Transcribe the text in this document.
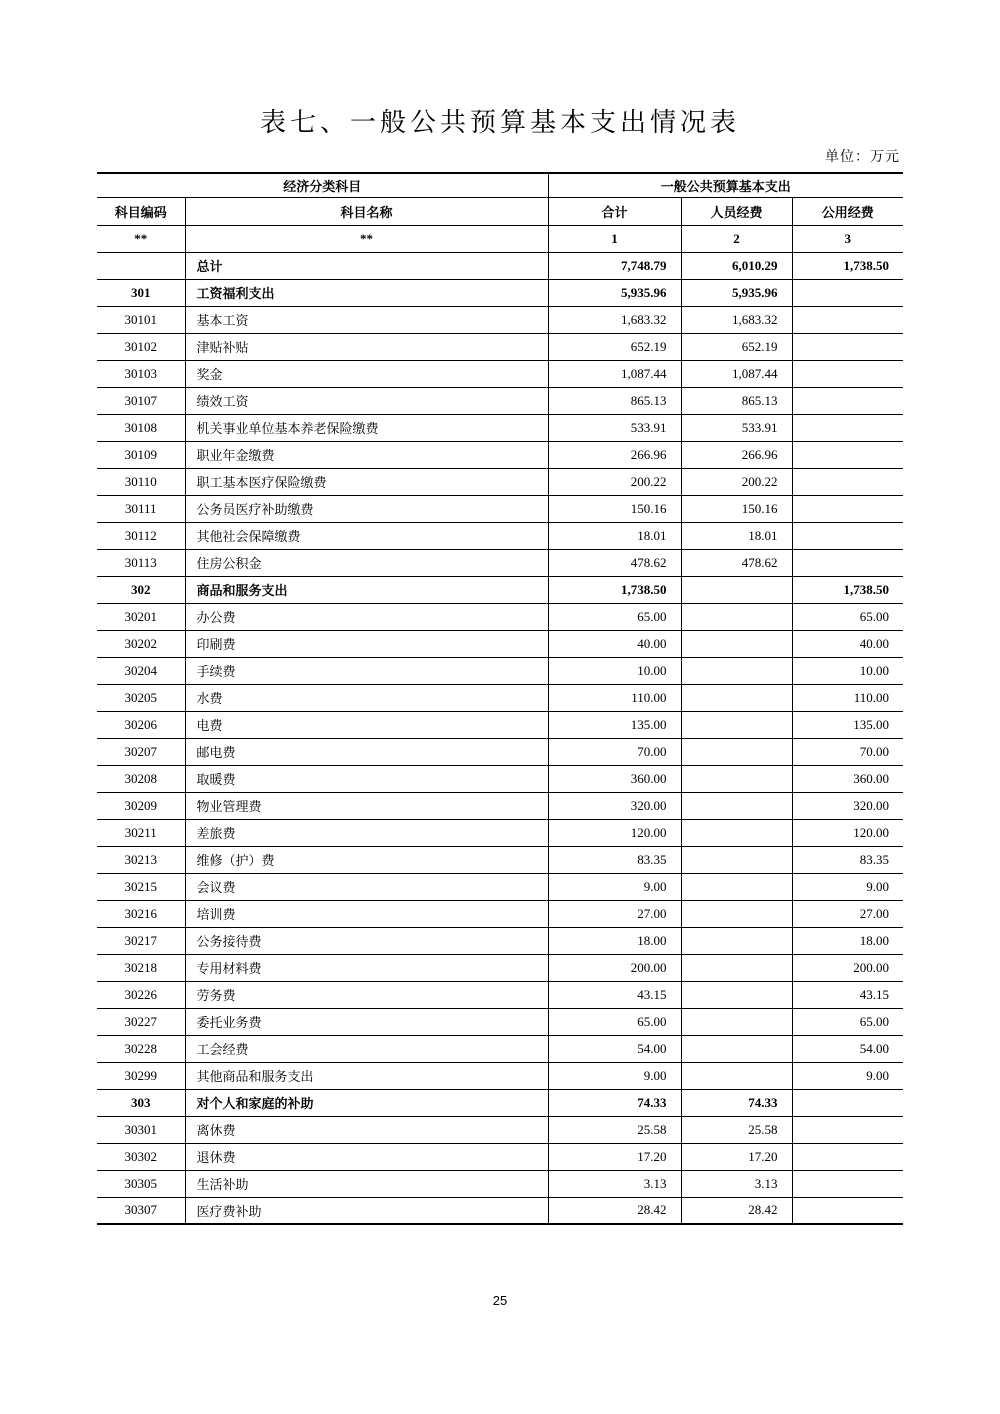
表七、一般公共预算基本支出情况表
单位：万元
经济分类科目		一般公共预算基本支出		
科目编码	科目名称	合计	人员经费	公用经费
**	**	1	2	3
	总计	7,748.79	6,010.29	1,738.50
301	工资福利支出	5,935.96	5,935.96	
30101	基本工资	1,683.32	1,683.32	
30102	津贴补贴	652.19	652.19	
30103	奖金	1,087.44	1,087.44	
30107	绩效工资	865.13	865.13	
30108	机关事业单位基本养老保险缴费	533.91	533.91	
30109	职业年金缴费	266.96	266.96	
30110	职工基本医疗保险缴费	200.22	200.22	
30111	公务员医疗补助缴费	150.16	150.16	
30112	其他社会保障缴费	18.01	18.01	
30113	住房公积金	478.62	478.62	
302	商品和服务支出	1,738.50		1,738.50
30201	办公费	65.00		65.00
30202	印刷费	40.00		40.00
30204	手续费	10.00		10.00
30205	水费	110.00		110.00
30206	电费	135.00		135.00
30207	邮电费	70.00		70.00
30208	取暖费	360.00		360.00
30209	物业管理费	320.00		320.00
30211	差旅费	120.00		120.00
30213	维修（护）费	83.35		83.35
30215	会议费	9.00		9.00
30216	培训费	27.00		27.00
30217	公务接待费	18.00		18.00
30218	专用材料费	200.00		200.00
30226	劳务费	43.15		43.15
30227	委托业务费	65.00		65.00
30228	工会经费	54.00		54.00
30299	其他商品和服务支出	9.00		9.00
303	对个人和家庭的补助	74.33	74.33	
30301	离休费	25.58	25.58	
30302	退休费	17.20	17.20	
30305	生活补助	3.13	3.13	
30307	医疗费补助	28.42	28.42	
25
